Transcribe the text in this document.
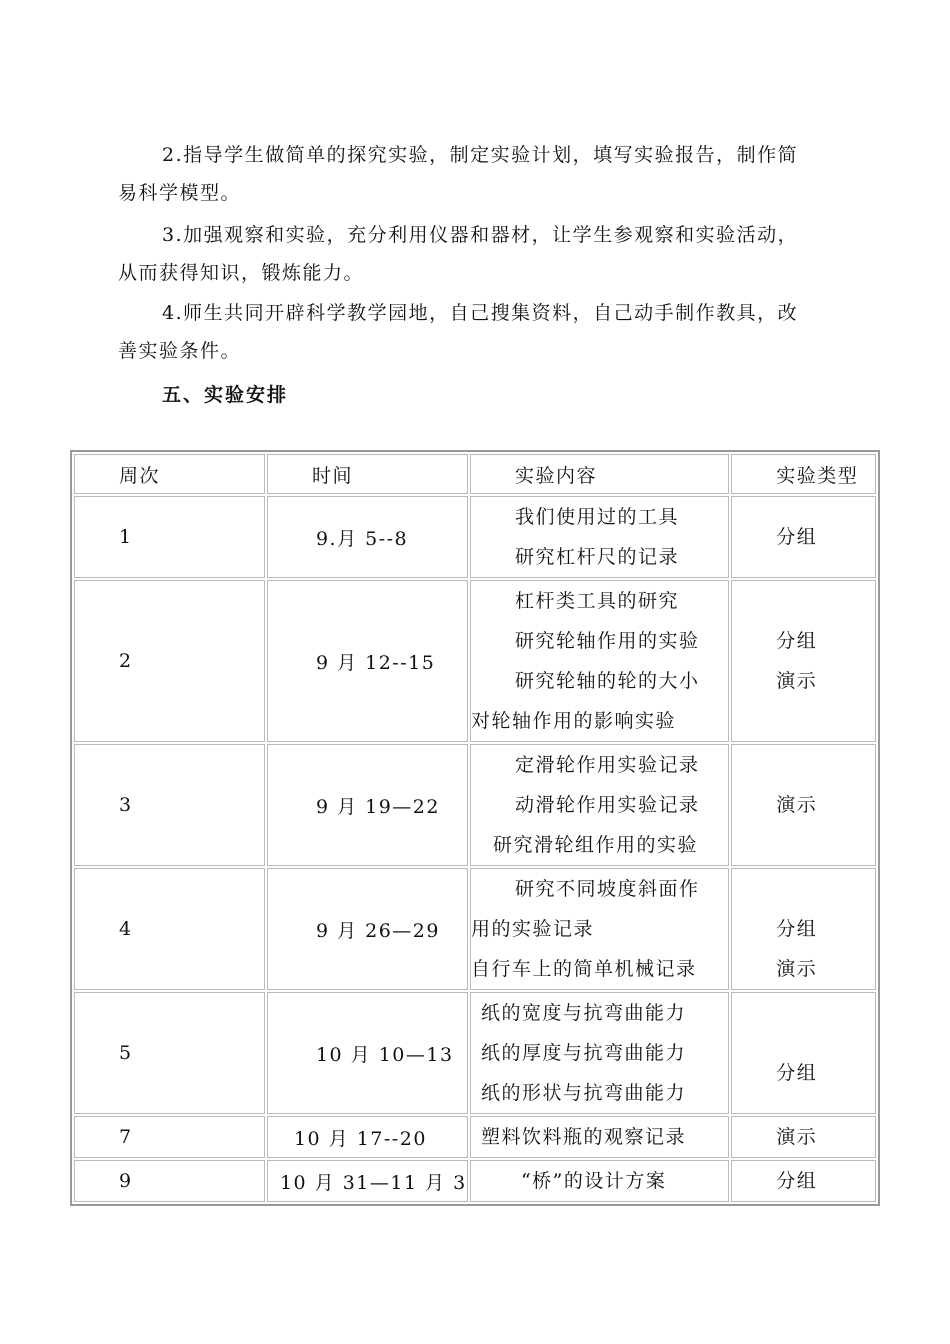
2.指导学生做简单的探究实验，制定实验计划，填写实验报告，制作简
易科学模型。

3.加强观察和实验，充分利用仪器和器材，让学生参观察和实验活动，
从而获得知识，锻炼能力。

4.师生共同开辟科学教学园地，自己搜集资料，自己动手制作教具，改
善实验条件。

五、实验安排
周次	时间	实验内容	实验类型
1	9.月 5--8	我们使用过的工具
研究杠杆尺的记录	分组

2	9 月 12--15	杠杆类工具的研究
研究轮轴作用的实验
研究轮轴的轮的大小
对轮轴作用的影响实验	分组
演示

3	9 月 19—22	定滑轮作用实验记录
动滑轮作用实验记录
研究滑轮组作用的实验	演示

4	9 月 26—29	研究不同坡度斜面作
用的实验记录
自行车上的简单机械记录	分组
演示

5	10 月 10—13	纸的宽度与抗弯曲能力
纸的厚度与抗弯曲能力
纸的形状与抗弯曲能力	分组

7	10 月 17--20	塑料饮料瓶的观察记录	演示

9	10 月 31—11 月 3	“桥”的设计方案	分组
